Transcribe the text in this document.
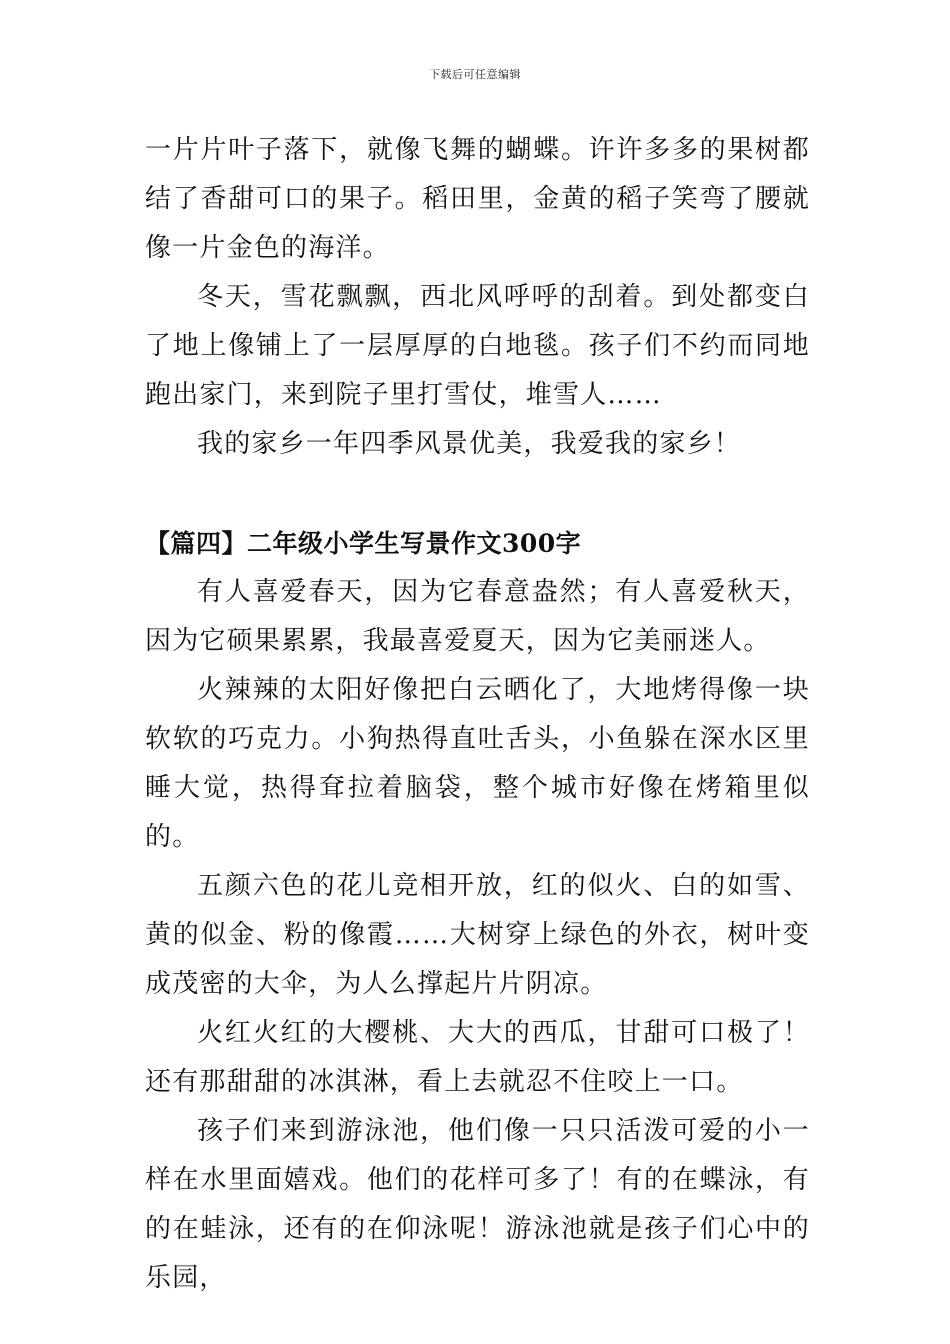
下载后可任意编辑

一片片叶子落下，就像飞舞的蝴蝶。许许多多的果树都结了香甜可口的果子。稻田里，金黄的稻子笑弯了腰就像一片金色的海洋。

冬天，雪花飘飘，西北风呼呼的刮着。到处都变白了地上像铺上了一层厚厚的白地毯。孩子们不约而同地跑出家门，来到院子里打雪仗，堆雪人……

我的家乡一年四季风景优美，我爱我的家乡！

【篇四】二年级小学生写景作文300字

有人喜爱春天，因为它春意盎然；有人喜爱秋天，因为它硕果累累，我最喜爱夏天，因为它美丽迷人。

火辣辣的太阳好像把白云晒化了，大地烤得像一块软软的巧克力。小狗热得直吐舌头，小鱼躲在深水区里睡大觉，热得耷拉着脑袋，整个城市好像在烤箱里似的。

五颜六色的花儿竞相开放，红的似火、白的如雪、黄的似金、粉的像霞……大树穿上绿色的外衣，树叶变成茂密的大伞，为人么撑起片片阴凉。

火红火红的大樱桃、大大的西瓜，甘甜可口极了！还有那甜甜的冰淇淋，看上去就忍不住咬上一口。

孩子们来到游泳池，他们像一只只活泼可爱的小一样在水里面嬉戏。他们的花样可多了！有的在蝶泳，有的在蛙泳，还有的在仰泳呢！游泳池就是孩子们心中的乐园，
